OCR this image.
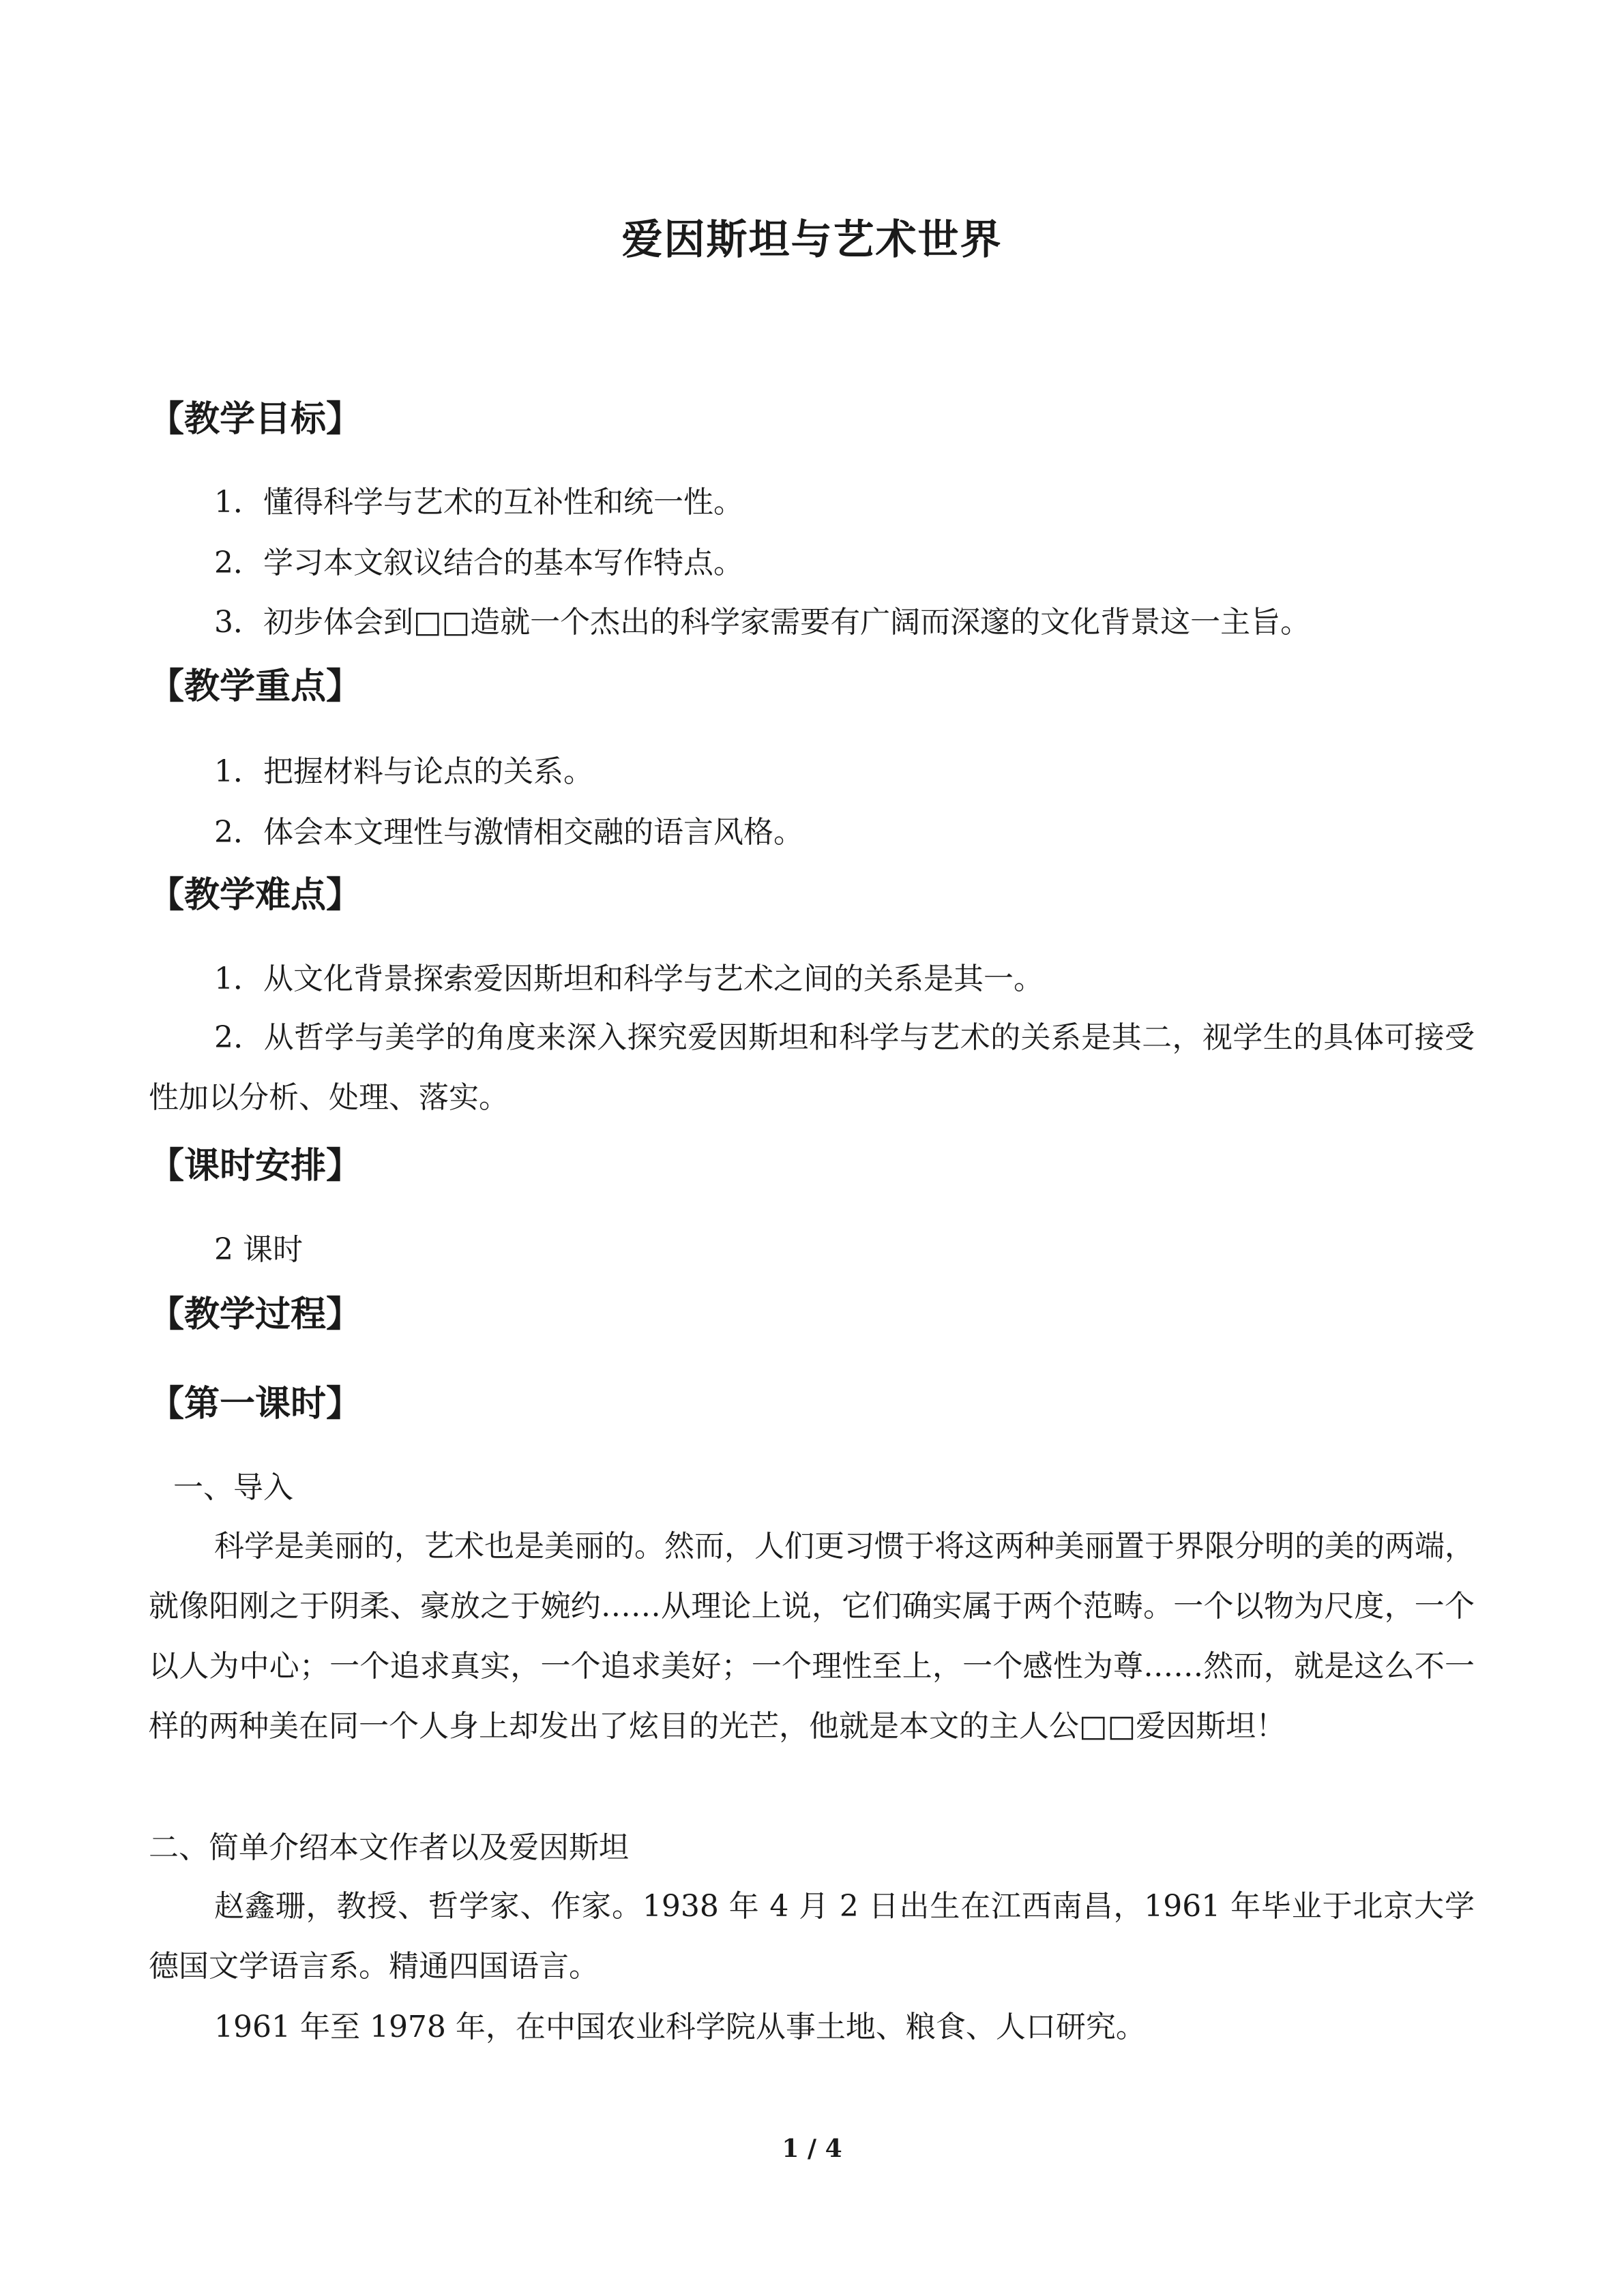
爱因斯坦与艺术世界
【教学目标】
1．懂得科学与艺术的互补性和统一性。
2．学习本文叙议结合的基本写作特点。
3．初步体会到□□造就一个杰出的科学家需要有广阔而深邃的文化背景这一主旨。
【教学重点】
1．把握材料与论点的关系。
2．体会本文理性与激情相交融的语言风格。
【教学难点】
1．从文化背景探索爱因斯坦和科学与艺术之间的关系是其一。
2．从哲学与美学的角度来深入探究爱因斯坦和科学与艺术的关系是其二，视学生的具体可接受性加以分析、处理、落实。
【课时安排】
2 课时
【教学过程】
【第一课时】
一、导入
科学是美丽的，艺术也是美丽的。然而，人们更习惯于将这两种美丽置于界限分明的美的两端，就像阳刚之于阴柔、豪放之于婉约……从理论上说，它们确实属于两个范畴。一个以物为尺度，一个以人为中心；一个追求真实，一个追求美好；一个理性至上，一个感性为尊……然而，就是这么不一样的两种美在同一个人身上却发出了炫目的光芒，他就是本文的主人公□□爱因斯坦！
二、简单介绍本文作者以及爱因斯坦
赵鑫珊，教授、哲学家、作家。1938 年 4 月 2 日出生在江西南昌，1961 年毕业于北京大学德国文学语言系。精通四国语言。
1961 年至 1978 年，在中国农业科学院从事土地、粮食、人口研究。
1 / 4
